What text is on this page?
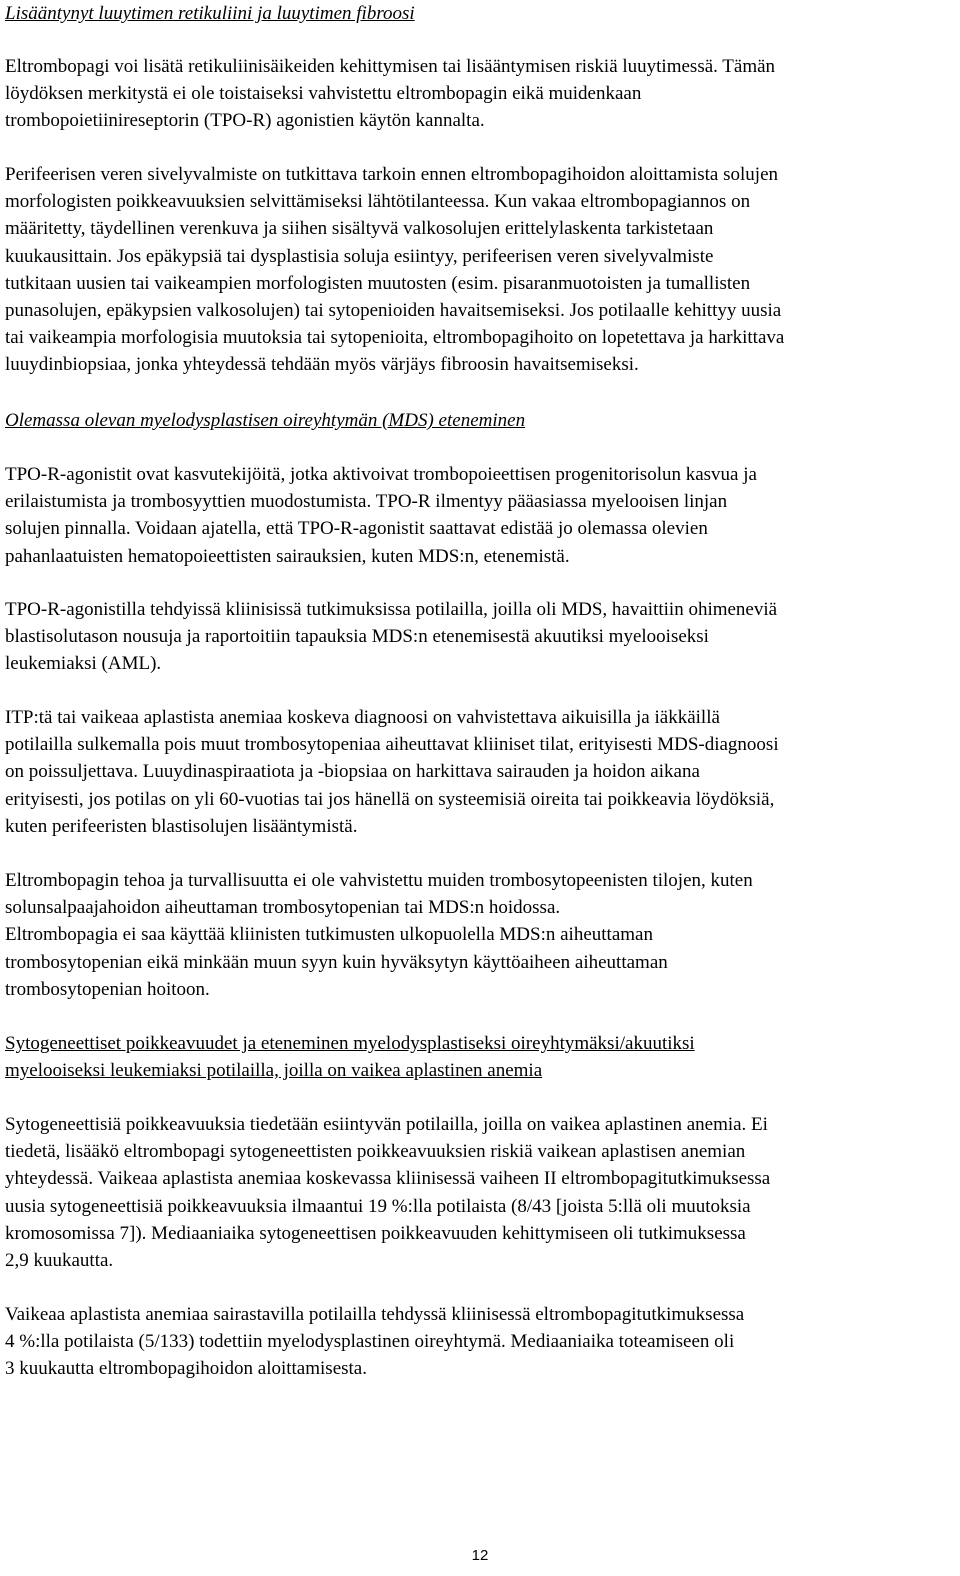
Lisääntynyt luuytimen retikuliini ja luuytimen fibroosi

Eltrombopagi voi lisätä retikuliinisäikeiden kehittymisen tai lisääntymisen riskiä luuytimessä. Tämän
löydöksen merkitystä ei ole toistaiseksi vahvistettu eltrombopagin eikä muidenkaan
trombopoietiinireseptorin (TPO-R) agonistien käytön kannalta.
Perifeerisen veren sivelyvalmiste on tutkittava tarkoin ennen eltrombopagihoidon aloittamista solujen
morfologisten poikkeavuuksien selvittämiseksi lähtötilanteessa. Kun vakaa eltrombopagiannos on
määritetty, täydellinen verenkuva ja siihen sisältyvä valkosolujen erittelylaskenta tarkistetaan
kuukausittain. Jos epäkypsiä tai dysplastisia soluja esiintyy, perifeerisen veren sivelyvalmiste
tutkitaan uusien tai vaikeampien morfologisten muutosten (esim. pisaranmuotoisten ja tumallisten
punasolujen, epäkypsien valkosolujen) tai sytopenioiden havaitsemiseksi. Jos potilaalle kehittyy uusia
tai vaikeampia morfologisia muutoksia tai sytopenioita, eltrombopagihoito on lopetettava ja harkittava
luuydinbiopsiaa, jonka yhteydessä tehdään myös värjäys fibroosin havaitsemiseksi.

Olemassa olevan myelodysplastisen oireyhtymän (MDS) eteneminen

TPO-R-agonistit ovat kasvutekijöitä, jotka aktivoivat trombopoieettisen progenitorisolun kasvua ja
erilaistumista ja trombosyyttien muodostumista. TPO-R ilmentyy pääasiassa myelooisen linjan
solujen pinnalla. Voidaan ajatella, että TPO-R-agonistit saattavat edistää jo olemassa olevien
pahanlaatuisten hematopoieettisten sairauksien, kuten MDS:n, etenemistä.
TPO-R-agonistilla tehdyissä kliinisissä tutkimuksissa potilailla, joilla oli MDS, havaittiin ohimeneviä
blastisolutason nousuja ja raportoitiin tapauksia MDS:n etenemisestä akuutiksi myelooiseksi
leukemiaksi (AML).
ITP:tä tai vaikeaa aplastista anemiaa koskeva diagnoosi on vahvistettava aikuisilla ja iäkkäillä
potilailla sulkemalla pois muut trombosytopeniaa aiheuttavat kliiniset tilat, erityisesti MDS-diagnoosi
on poissuljettava. Luuydinaspiraatiota ja -biopsiaa on harkittava sairauden ja hoidon aikana
erityisesti, jos potilas on yli 60-vuotias tai jos hänellä on systeemisiä oireita tai poikkeavia löydöksiä,
kuten perifeeristen blastisolujen lisääntymistä.
Eltrombopagin tehoa ja turvallisuutta ei ole vahvistettu muiden trombosytopeenisten tilojen, kuten
solunsalpaajahoidon aiheuttaman trombosytopenian tai MDS:n hoidossa.
Eltrombopagia ei saa käyttää kliinisten tutkimusten ulkopuolella MDS:n aiheuttaman
trombosytopenian eikä minkään muun syyn kuin hyväksytyn käyttöaiheen aiheuttaman
trombosytopenian hoitoon.
Sytogeneettiset poikkeavuudet ja eteneminen myelodysplastiseksi oireyhtymäksi/akuutiksi
myelooiseksi leukemiaksi potilailla, joilla on vaikea aplastinen anemia
Sytogeneettisiä poikkeavuuksia tiedetään esiintyvän potilailla, joilla on vaikea aplastinen anemia. Ei
tiedetä, lisääkö eltrombopagi sytogeneettisten poikkeavuuksien riskiä vaikean aplastisen anemian
yhteydessä. Vaikeaa aplastista anemiaa koskevassa kliinisessä vaiheen II eltrombopagitutkimuksessa
uusia sytogeneettisiä poikkeavuuksia ilmaantui 19 %:lla potilaista (8/43 [joista 5:llä oli muutoksia
kromosomissa 7]). Mediaaniaika sytogeneettisen poikkeavuuden kehittymiseen oli tutkimuksessa
2,9 kuukautta.
Vaikeaa aplastista anemiaa sairastavilla potilailla tehdyssä kliinisessä eltrombopagitutkimuksessa
4 %:lla potilaista (5/133) todettiin myelodysplastinen oireyhtymä. Mediaaniaika toteamiseen oli
3 kuukautta eltrombopagihoidon aloittamisesta.
12
